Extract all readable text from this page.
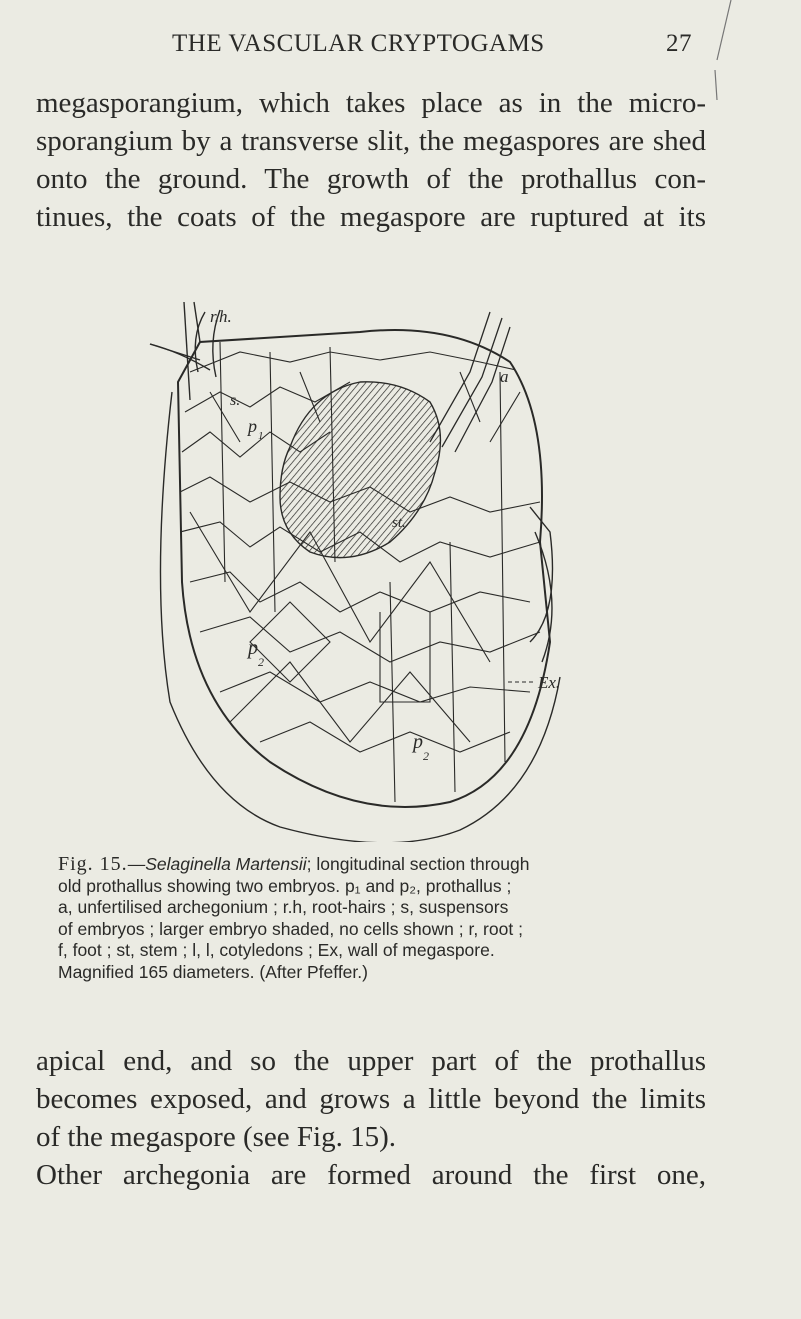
THE VASCULAR CRYPTOGAMS	27
megasporangium, which takes place as in the micro-
sporangium by a transverse slit, the megaspores are shed
onto the ground. The growth of the prothallus con-
tinues, the coats of the megaspore are ruptured at its
r.h.
a
s.
p 1
st.
p
2
p
2
Ex.
Fig. 15.—Selaginella Martensii; longitudinal section through
old prothallus showing two embryos. p₁ and p₂, prothallus ;
a, unfertilised archegonium ; r.h, root-hairs ; s, suspensors
of embryos ; larger embryo shaded, no cells shown ; r, root ;
f, foot ; st, stem ; l, l, cotyledons ; Ex, wall of megaspore.
Magnified 165 diameters. (After Pfeffer.)
apical end, and so the upper part of the prothallus
becomes exposed, and grows a little beyond the limits
of the megaspore (see Fig. 15).
Other archegonia are formed around the first one,
